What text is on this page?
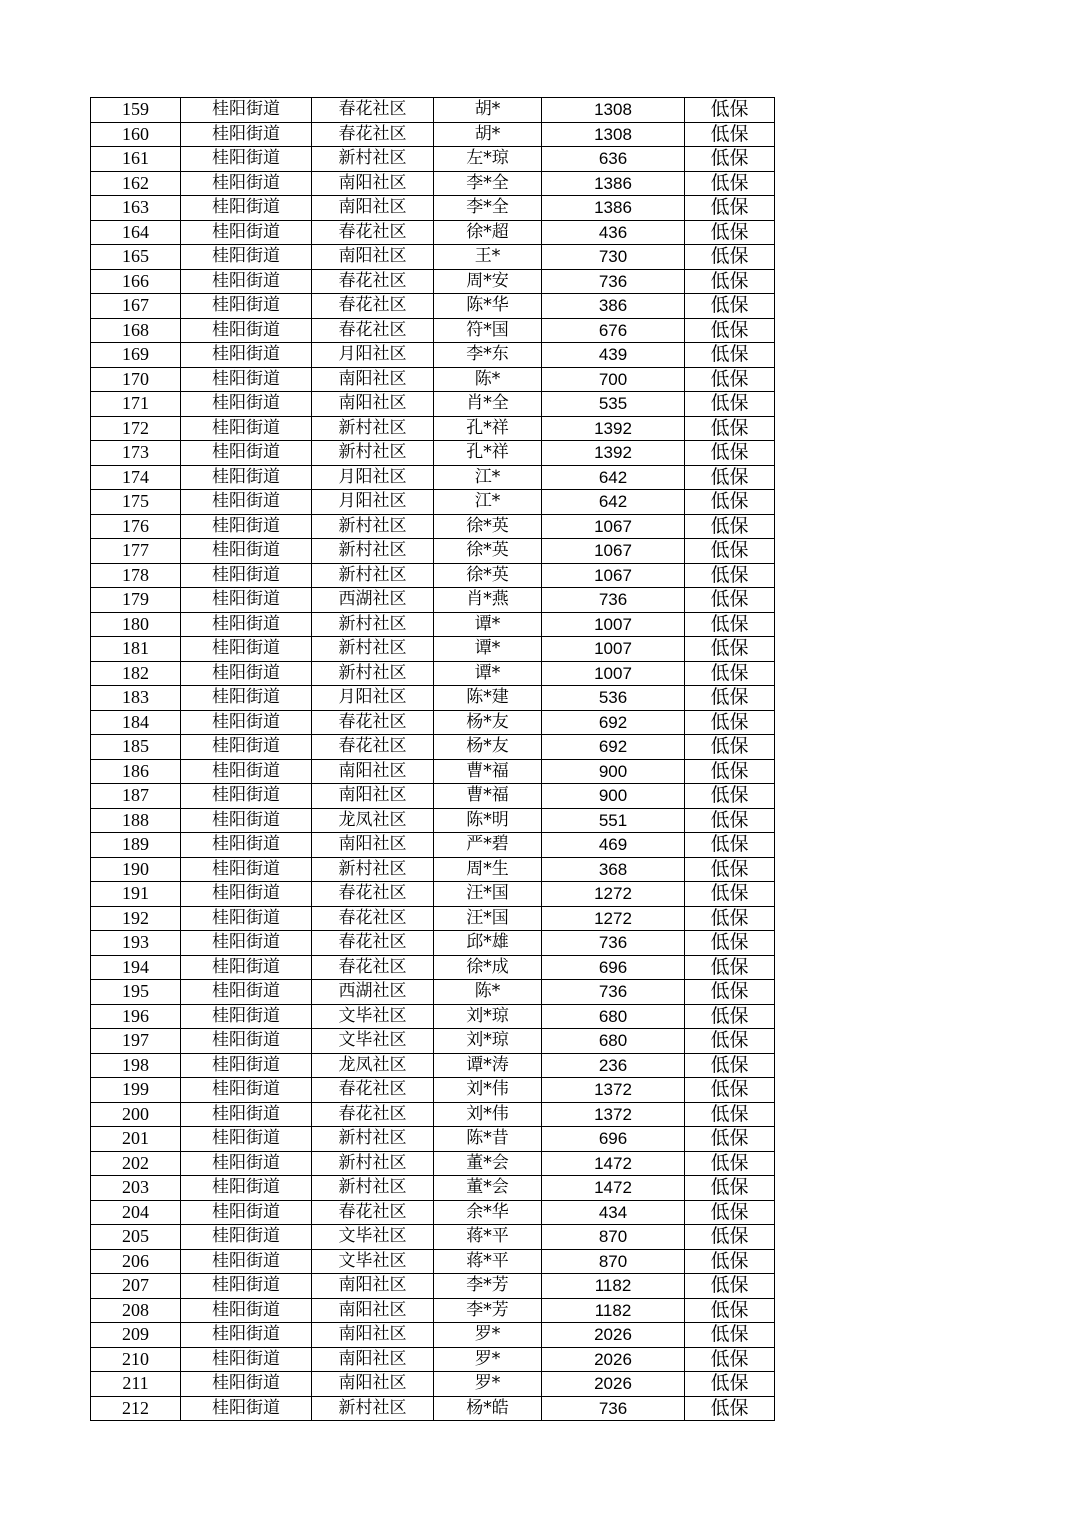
159	桂阳街道	春花社区	胡*	1308	低保
160	桂阳街道	春花社区	胡*	1308	低保
161	桂阳街道	新村社区	左*琼	636	低保
162	桂阳街道	南阳社区	李*全	1386	低保
163	桂阳街道	南阳社区	李*全	1386	低保
164	桂阳街道	春花社区	徐*超	436	低保
165	桂阳街道	南阳社区	王*	730	低保
166	桂阳街道	春花社区	周*安	736	低保
167	桂阳街道	春花社区	陈*华	386	低保
168	桂阳街道	春花社区	符*国	676	低保
169	桂阳街道	月阳社区	李*东	439	低保
170	桂阳街道	南阳社区	陈*	700	低保
171	桂阳街道	南阳社区	肖*全	535	低保
172	桂阳街道	新村社区	孔*祥	1392	低保
173	桂阳街道	新村社区	孔*祥	1392	低保
174	桂阳街道	月阳社区	江*	642	低保
175	桂阳街道	月阳社区	江*	642	低保
176	桂阳街道	新村社区	徐*英	1067	低保
177	桂阳街道	新村社区	徐*英	1067	低保
178	桂阳街道	新村社区	徐*英	1067	低保
179	桂阳街道	西湖社区	肖*燕	736	低保
180	桂阳街道	新村社区	谭*	1007	低保
181	桂阳街道	新村社区	谭*	1007	低保
182	桂阳街道	新村社区	谭*	1007	低保
183	桂阳街道	月阳社区	陈*建	536	低保
184	桂阳街道	春花社区	杨*友	692	低保
185	桂阳街道	春花社区	杨*友	692	低保
186	桂阳街道	南阳社区	曹*福	900	低保
187	桂阳街道	南阳社区	曹*福	900	低保
188	桂阳街道	龙凤社区	陈*明	551	低保
189	桂阳街道	南阳社区	严*碧	469	低保
190	桂阳街道	新村社区	周*生	368	低保
191	桂阳街道	春花社区	汪*国	1272	低保
192	桂阳街道	春花社区	汪*国	1272	低保
193	桂阳街道	春花社区	邱*雄	736	低保
194	桂阳街道	春花社区	徐*成	696	低保
195	桂阳街道	西湖社区	陈*	736	低保
196	桂阳街道	文毕社区	刘*琼	680	低保
197	桂阳街道	文毕社区	刘*琼	680	低保
198	桂阳街道	龙凤社区	谭*涛	236	低保
199	桂阳街道	春花社区	刘*伟	1372	低保
200	桂阳街道	春花社区	刘*伟	1372	低保
201	桂阳街道	新村社区	陈*昔	696	低保
202	桂阳街道	新村社区	董*会	1472	低保
203	桂阳街道	新村社区	董*会	1472	低保
204	桂阳街道	春花社区	余*华	434	低保
205	桂阳街道	文毕社区	蒋*平	870	低保
206	桂阳街道	文毕社区	蒋*平	870	低保
207	桂阳街道	南阳社区	李*芳	1182	低保
208	桂阳街道	南阳社区	李*芳	1182	低保
209	桂阳街道	南阳社区	罗*	2026	低保
210	桂阳街道	南阳社区	罗*	2026	低保
211	桂阳街道	南阳社区	罗*	2026	低保
212	桂阳街道	新村社区	杨*皓	736	低保
